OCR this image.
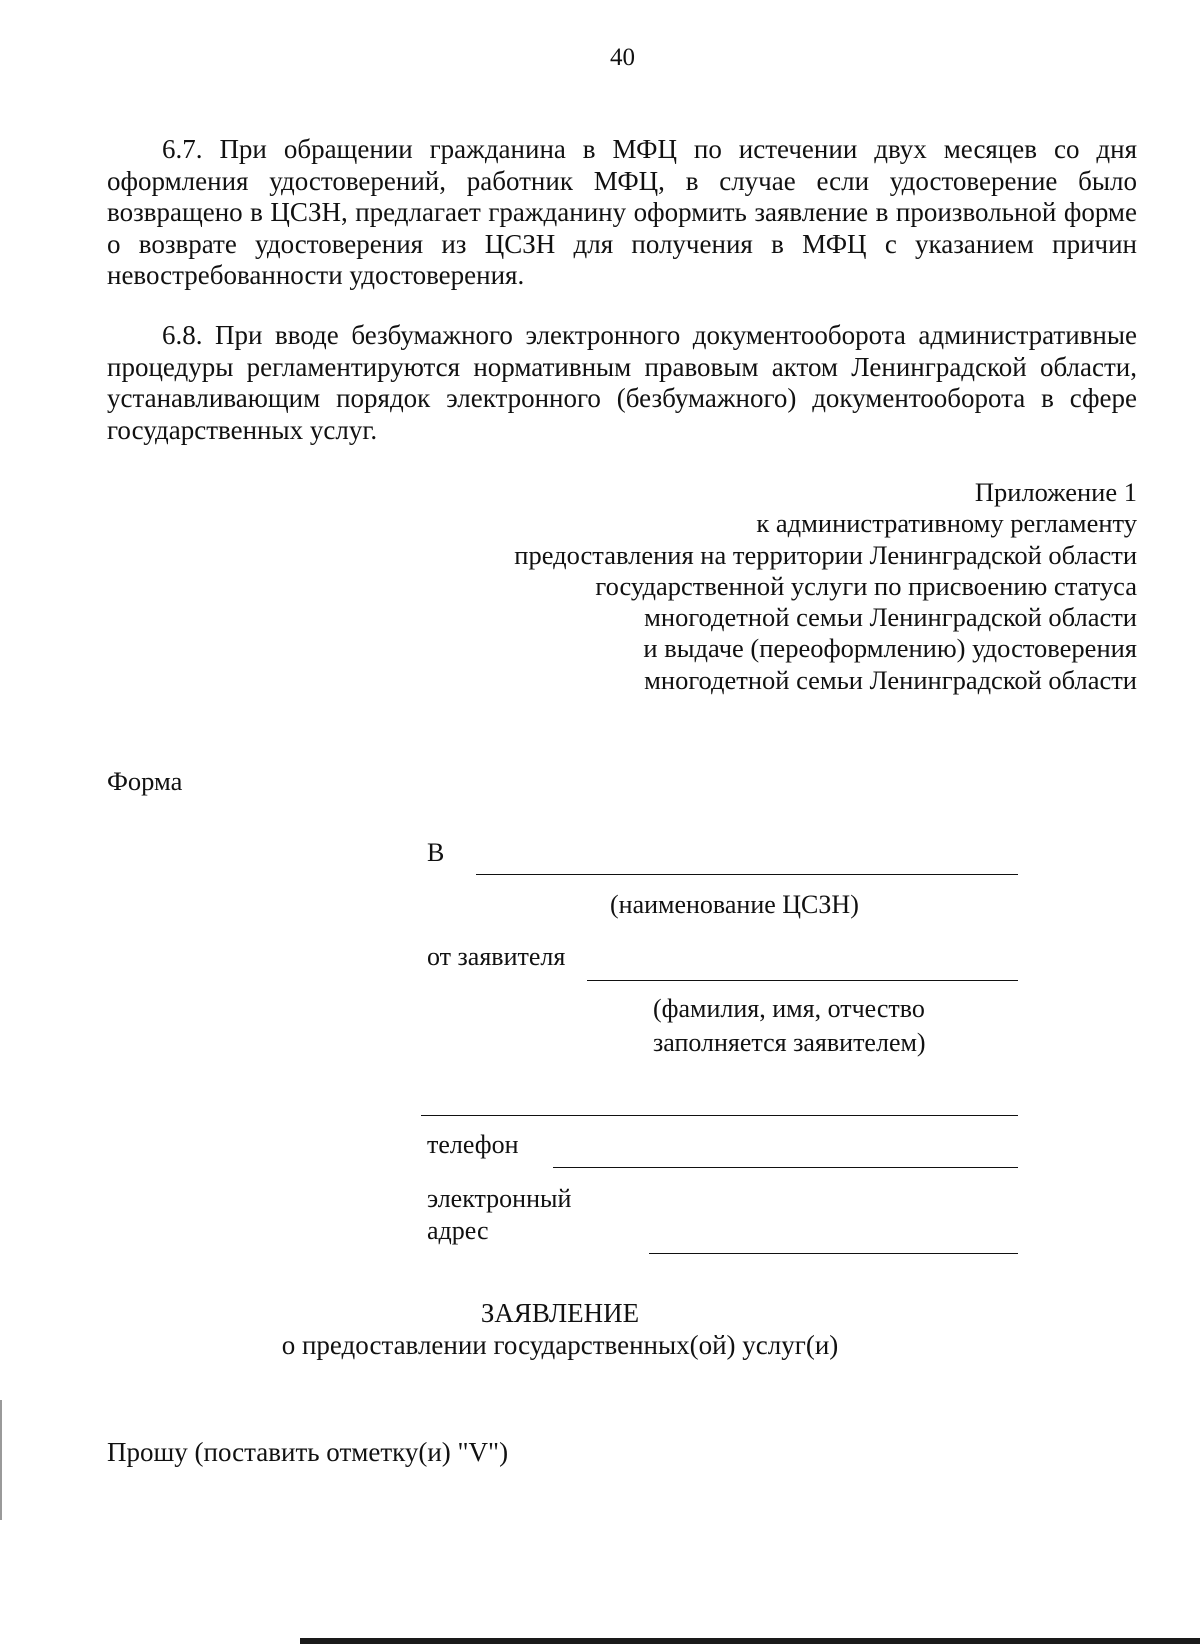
40

6.7. При обращении гражданина в МФЦ по истечении двух месяцев со дня оформления удостоверений, работник МФЦ, в случае если удостоверение было возвращено в ЦСЗН, предлагает гражданину оформить заявление в произвольной форме о возврате удостоверения из ЦСЗН для получения в МФЦ с указанием причин невостребованности удостоверения.

6.8. При вводе безбумажного электронного документооборота административные процедуры регламентируются нормативным правовым актом Ленинградской области, устанавливающим порядок электронного (безбумажного) документооборота в сфере государственных услуг.

Приложение 1
к административному регламенту
предоставления на территории Ленинградской области
государственной услуги по присвоению статуса
многодетной семьи Ленинградской области
и выдаче (переоформлению) удостоверения
многодетной семьи Ленинградской области
Форма
В
(наименование ЦСЗН)
от заявителя
(фамилия, имя, отчество
заполняется заявителем)
телефон
электронный
адрес
ЗАЯВЛЕНИЕ
о предоставлении государственных(ой) услуг(и)
Прошу (поставить отметку(и) "V")
